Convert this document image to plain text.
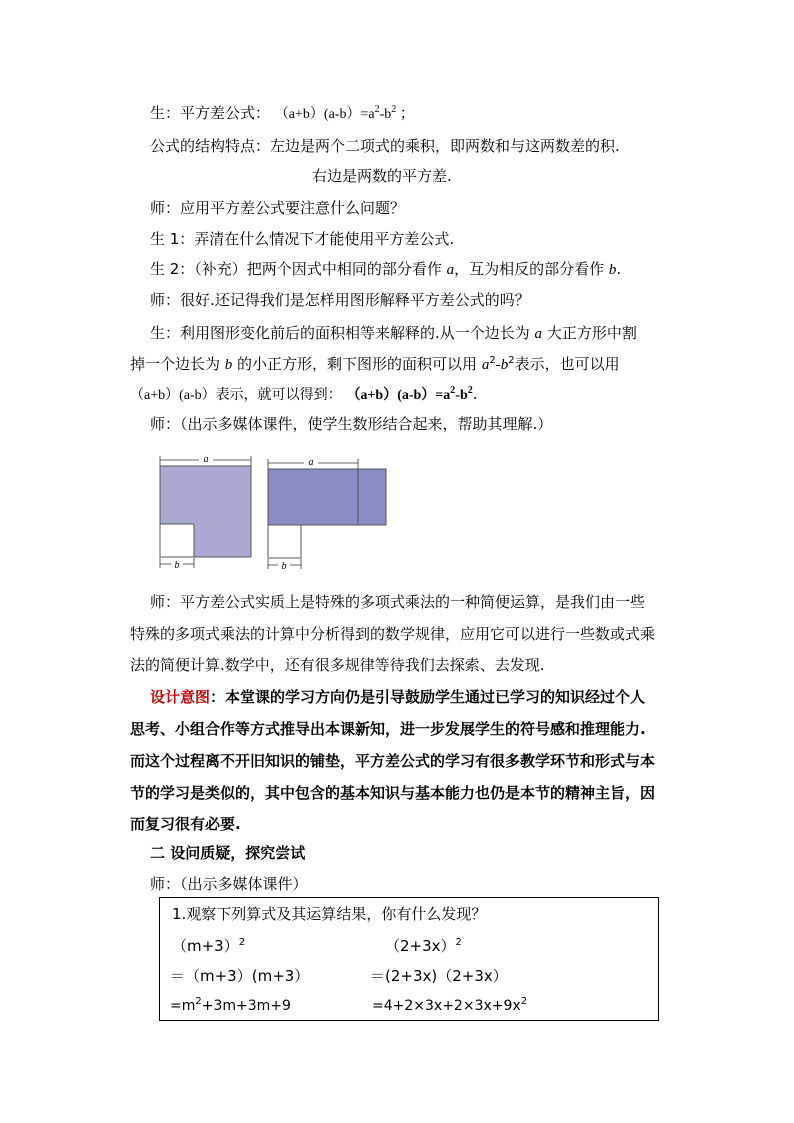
生：平方差公式： $(a+b)(a-b)=a^2-b^2$ ；
公式的结构特点：左边是两个二项式的乘积，即两数和与这两数差的积.
右边是两数的平方差.
师：应用平方差公式要注意什么问题？
生 1：弄清在什么情况下才能使用平方差公式.
生 2：（补充）把两个因式中相同的部分看作 a，互为相反的部分看作 b.
师：很好.还记得我们是怎样用图形解释平方差公式的吗？
生：利用图形变化前后的面积相等来解释的.从一个边长为 a 大正方形中割
掉一个边长为 b 的小正方形，剩下图形的面积可以用 $a^2-b^2$表示，也可以用
（a+b）(a-b）表示，就可以得到： $(a+b)(a-b)=a^2-b^2$.
师：（出示多媒体课件，使学生数形结合起来，帮助其理解.）
a
b
a
b
师：平方差公式实质上是特殊的多项式乘法的一种简便运算，是我们由一些
特殊的多项式乘法的计算中分析得到的数学规律，应用它可以进行一些数或式乘
法的简便计算.数学中，还有很多规律等待我们去探索、去发现.
设计意图：本堂课的学习方向仍是引导鼓励学生通过已学习的知识经过个人
思考、小组合作等方式推导出本课新知，进一步发展学生的符号感和推理能力.
而这个过程离不开旧知识的铺垫，平方差公式的学习有很多教学环节和形式与本
节的学习是类似的，其中包含的基本知识与基本能力也仍是本节的精神主旨，因
而复习很有必要.
二 设问质疑，探究尝试
师：（出示多媒体课件）
1.观察下列算式及其运算结果，你有什么发现？
$(m+3)^2$	$(2+3x)^2$
＝（m+3）(m+3）	＝(2+3x)（2+3x）
$=m^2+3m+3m+9$	$=4+2\times 3x+2\times 3x+9x^2$
